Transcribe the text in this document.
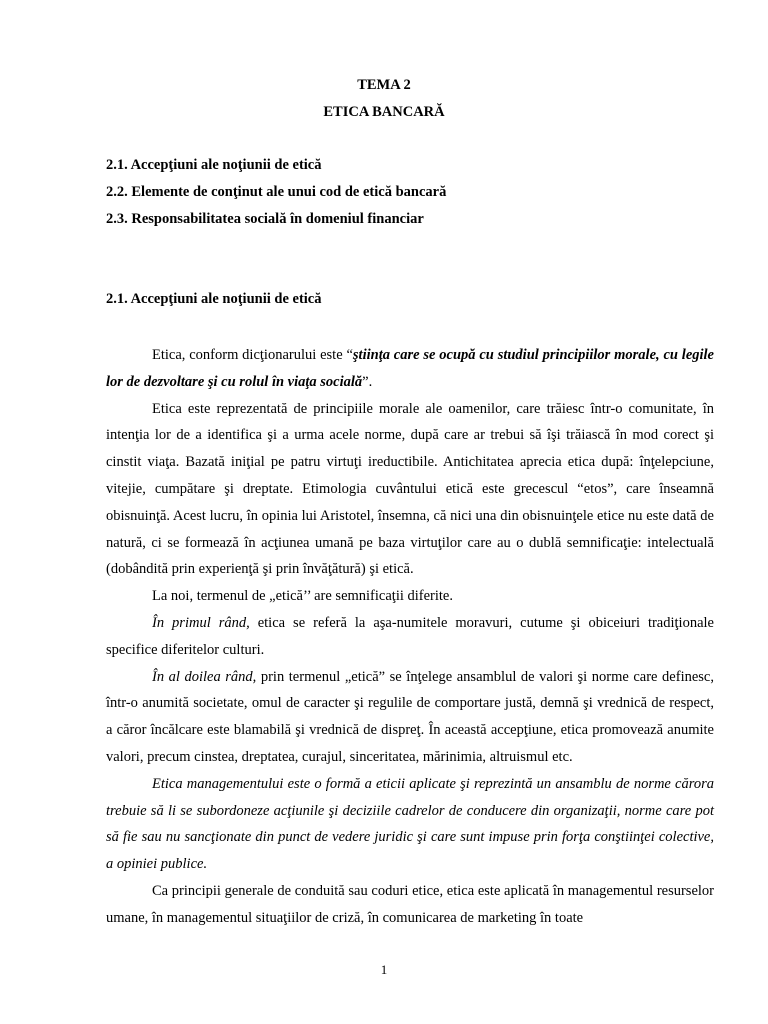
TEMA 2
ETICA BANCARĂ
2.1. Accepţiuni ale noţiunii de etică
2.2. Elemente de conţinut ale unui cod de etică bancară
2.3. Responsabilitatea socială în domeniul financiar
2.1. Accepţiuni ale noţiunii de etică

Etica, conform dicţionarului este “ştiinţa care se ocupă cu studiul principiilor morale, cu legile lor de dezvoltare şi cu rolul în viaţa socială”.

Etica este reprezentată de principiile morale ale oamenilor, care trăiesc într-o comunitate, în intenţia lor de a identifica şi a urma acele norme, după care ar trebui să îşi trăiască în mod corect şi cinstit viaţa. Bazată iniţial pe patru virtuţi ireductibile. Antichitatea aprecia etica după: înţelepciune, vitejie, cumpătare şi dreptate. Etimologia cuvântului etică este grecescul “etos”, care înseamnă obisnuinţă. Acest lucru, în opinia lui Aristotel, însemna, că nici una din obisnuinţele etice nu este dată de natură, ci se formează în acţiunea umană pe baza virtuţilor care au o dublă semnificaţie: intelectuală (dobândită prin experienţă şi prin învăţătură) şi etică.

La noi, termenul de „etică’’ are semnificaţii diferite.

În primul rând, etica se referă la aşa-numitele moravuri, cutume şi obiceiuri tradiţionale specifice diferitelor culturi.

În al doilea rând, prin termenul „etică” se înţelege ansamblul de valori şi norme care definesc, într-o anumită societate, omul de caracter şi regulile de comportare justă, demnă şi vrednică de respect, a căror încălcare este blamabilă şi vrednică de dispreţ. În această accepţiune, etica promovează anumite valori, precum cinstea, dreptatea, curajul, sinceritatea, mărinimia, altruismul etc.

Etica managementului este o formă a eticii aplicate şi reprezintă un ansamblu de norme cărora trebuie să li se subordoneze acţiunile şi deciziile cadrelor de conducere din organizaţii, norme care pot să fie sau nu sancţionate din punct de vedere juridic şi care sunt impuse prin forţa conştiinţei colective, a opiniei publice.

Ca principii generale de conduită sau coduri etice, etica este aplicată în managementul resurselor umane, în managementul situaţiilor de criză, în comunicarea de marketing în toate

1
